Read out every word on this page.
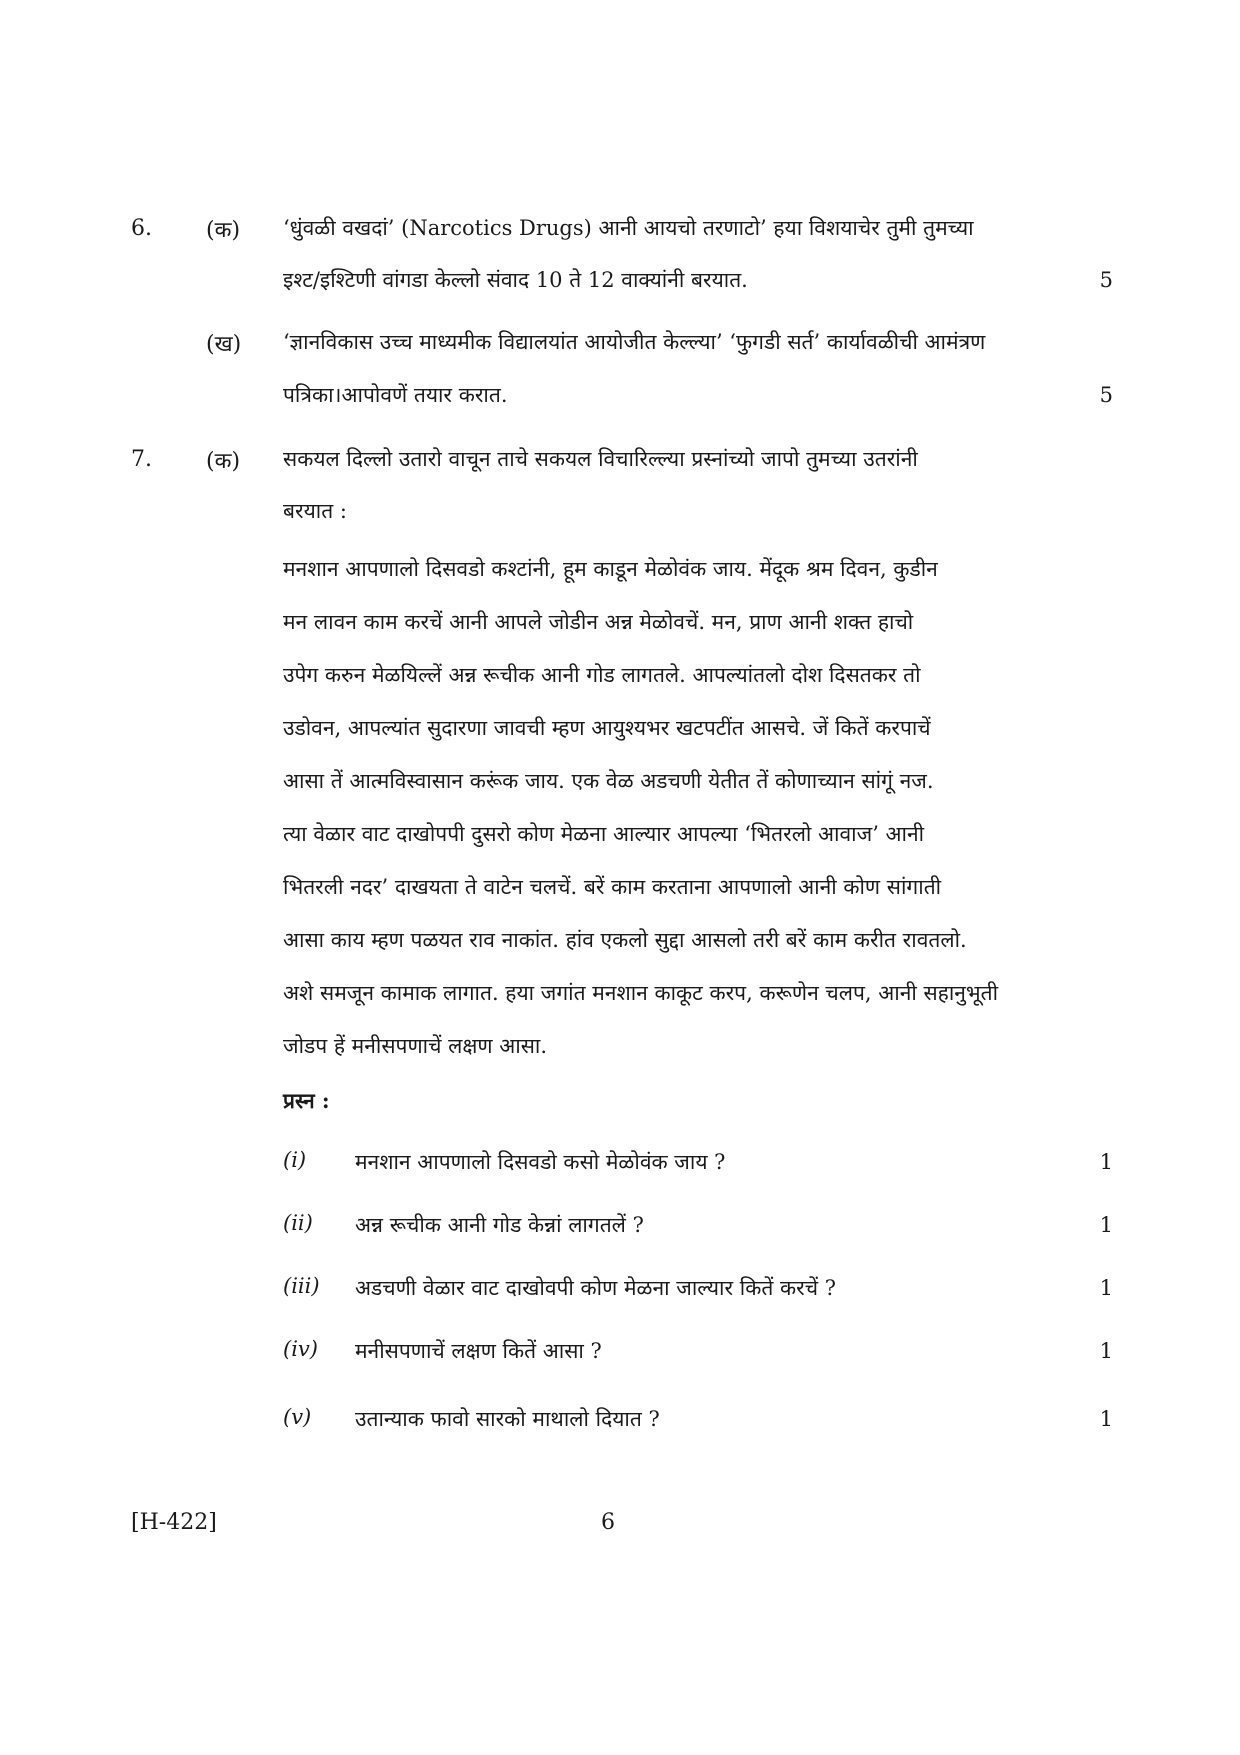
6. (क) ‘धुंवळी वखदां’ (Narcotics Drugs) आनी आयचो तरणाटो’ हया विशयाचेर तुमी तुमच्या
इश्ट/इश्टिणी वांगडा केल्लो संवाद 10 ते 12 वाक्यांनी बरयात.	5
(ख) ‘ज्ञानविकास उच्च माध्यमीक विद्यालयांत आयोजीत केल्ल्या’ ‘फुगडी सर्त’ कार्यावळीची आमंत्रण
पत्रिका।आपोवणें तयार करात.	5
7. (क) सकयल दिल्लो उतारो वाचून ताचे सकयल विचारिल्ल्या प्रस्नांच्यो जापो तुमच्या उतरांनी
बरयात :
मनशान आपणालो दिसवडो कश्टांनी, हूम काडून मेळोवंक जाय. मेंदूक श्रम दिवन, कुडीन
मन लावन काम करचें आनी आपले जोडीन अन्न मेळोवचें. मन, प्राण आनी शक्त हाचो
उपेग करुन मेळयिल्लें अन्न रूचीक आनी गोड लागतले. आपल्यांतलो दोश दिसतकर तो
उडोवन, आपल्यांत सुदारणा जावची म्हण आयुश्यभर खटपटींत आसचे. जें कितें करपाचें
आसा तें आत्मविस्वासान करूंक जाय. एक वेळ अडचणी येतीत तें कोणाच्यान सांगूं नज.
त्या वेळार वाट दाखोपपी दुसरो कोण मेळना आल्यार आपल्या ‘भितरलो आवाज’ आनी
भितरली नदर’ दाखयता ते वाटेन चलचें. बरें काम करताना आपणालो आनी कोण सांगाती
आसा काय म्हण पळयत राव नाकांत. हांव एकलो सुद्दा आसलो तरी बरें काम करीत रावतलो.
अशे समजून कामाक लागात. हया जगांत मनशान काकूट करप, करूणेन चलप, आनी सहानुभूती
जोडप हें मनीसपणाचें लक्षण आसा.
प्रस्न :
(i) मनशान आपणालो दिसवडो कसो मेळोवंक जाय ?	1
(ii) अन्न रूचीक आनी गोड केन्नां लागतलें ?	1
(iii) अडचणी वेळार वाट दाखोवपी कोण मेळना जाल्यार कितें करचें ?	1
(iv) मनीसपणाचें लक्षण कितें आसा ?	1
(v) उतान्याक फावो सारको माथालो दियात ?	1
[H-422]	6
